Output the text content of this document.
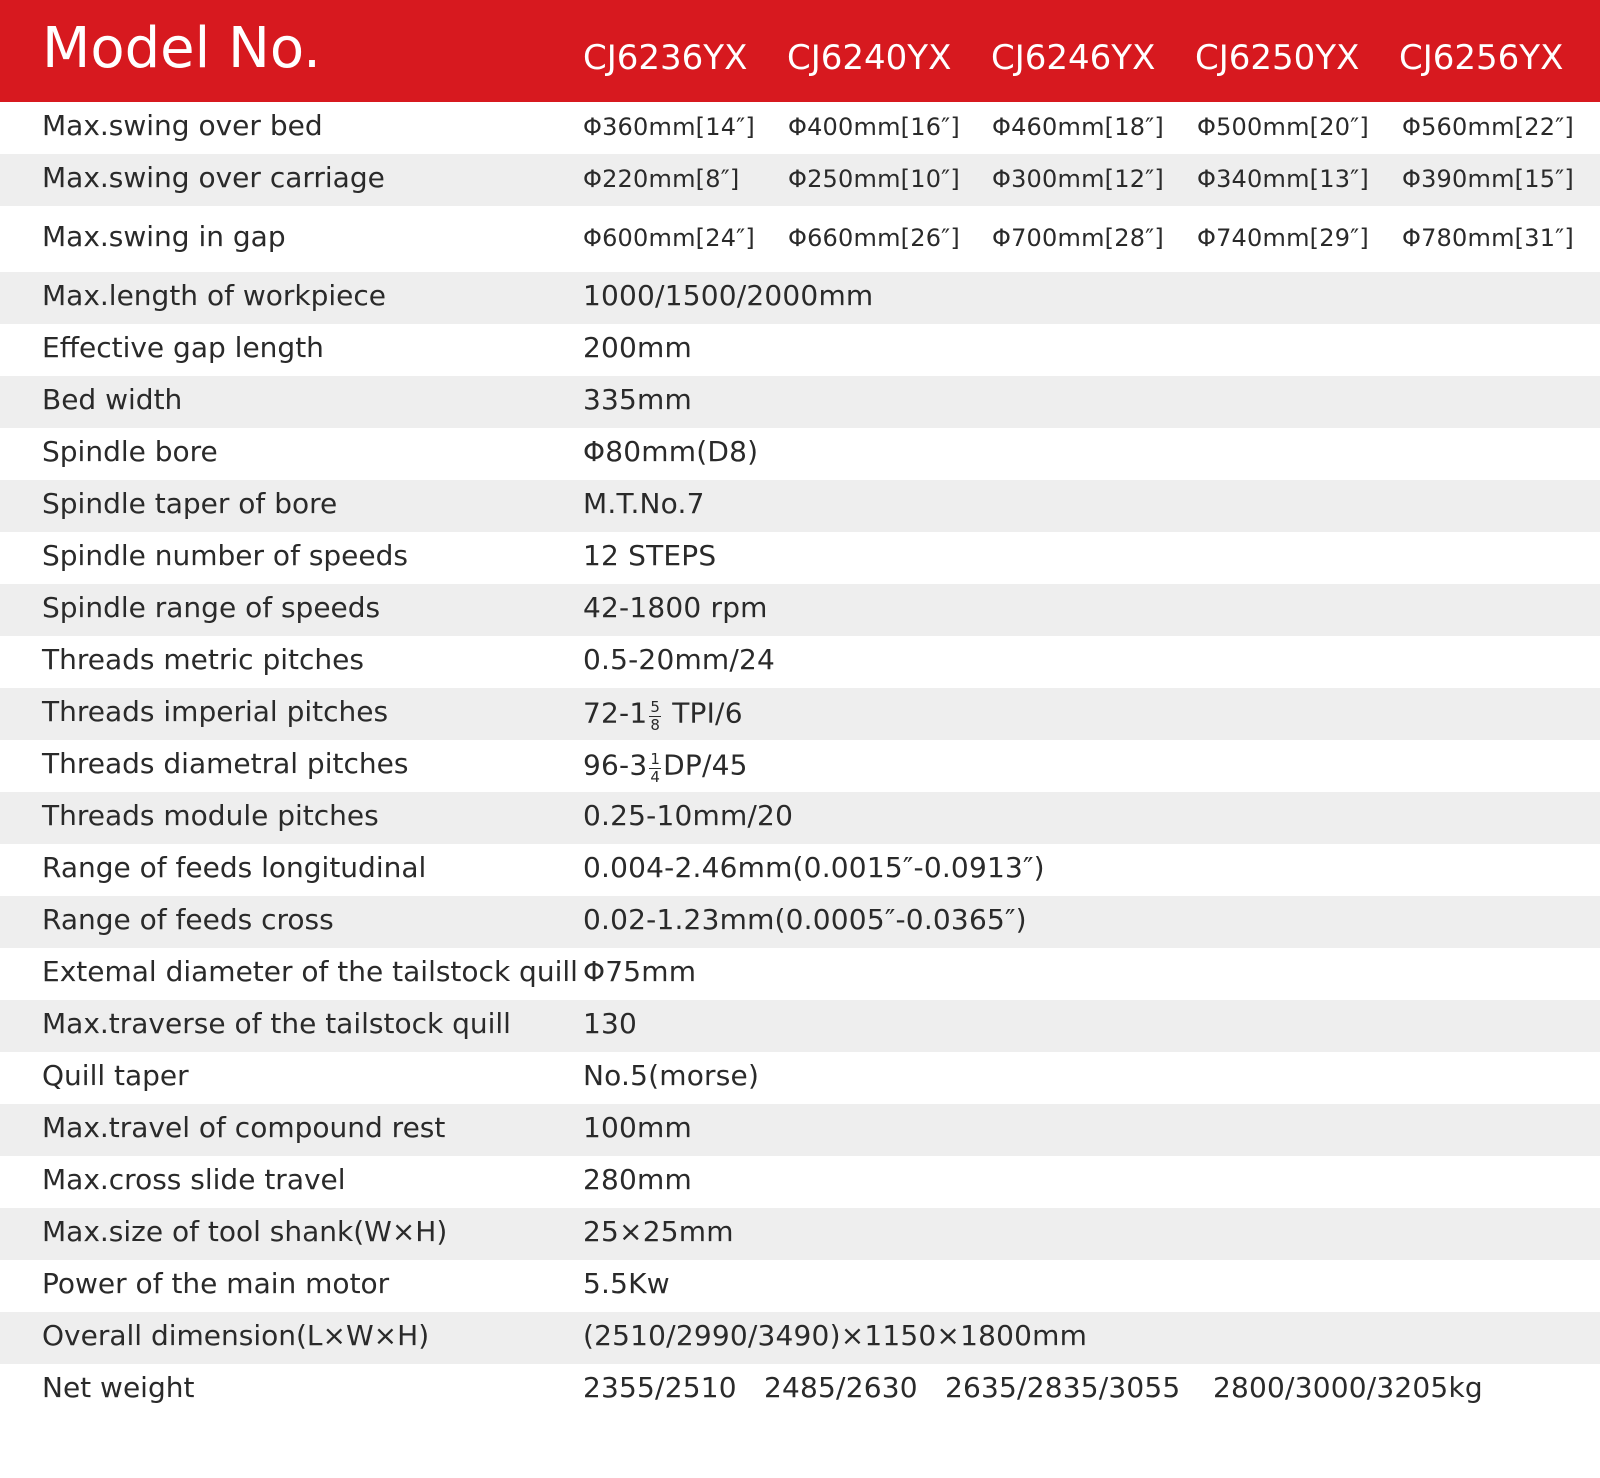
Model No.	CJ6236YX CJ6240YX CJ6246YX CJ6250YX CJ6256YX
Max.swing over bed	Φ360mm[14″] Φ400mm[16″] Φ460mm[18″] Φ500mm[20″] Φ560mm[22″]
Max.swing over carriage	Φ220mm[8″] Φ250mm[10″] Φ300mm[12″] Φ340mm[13″] Φ390mm[15″]
Max.swing in gap	Φ600mm[24″] Φ660mm[26″] Φ700mm[28″] Φ740mm[29″] Φ780mm[31″]
Max.length of workpiece	1000/1500/2000mm
Effective gap length	200mm
Bed width	335mm
Spindle bore	Φ80mm(D8)
Spindle taper of bore	M.T.No.7
Spindle number of speeds	12 STEPS
Spindle range of speeds	42-1800 rpm
Threads metric pitches	0.5-20mm/24
Threads imperial pitches	$72-1 \frac{5}{8} TPI/6$
Threads diametral pitches	$96-3 \frac{1}{4} DP/45$
Threads module pitches	0.25-10mm/20
Range of feeds longitudinal	0.004-2.46mm(0.0015″-0.0913″)
Range of feeds cross	0.02-1.23mm(0.0005″-0.0365″)
Extemal diameter of the tailstock quill Φ75mm
Max.traverse of the tailstock quill	130
Quill taper	No.5(morse)
Max.travel of compound rest	100mm
Max.cross slide travel	280mm
Max.size of tool shank(W×H)	25×25mm
Power of the main motor	5.5Kw
Overall dimension(L×W×H)	(2510/2990/3490)×1150×1800mm
Net weight	2355/2510 2485/2630 2635/2835/3055 2800/3000/3205kg
